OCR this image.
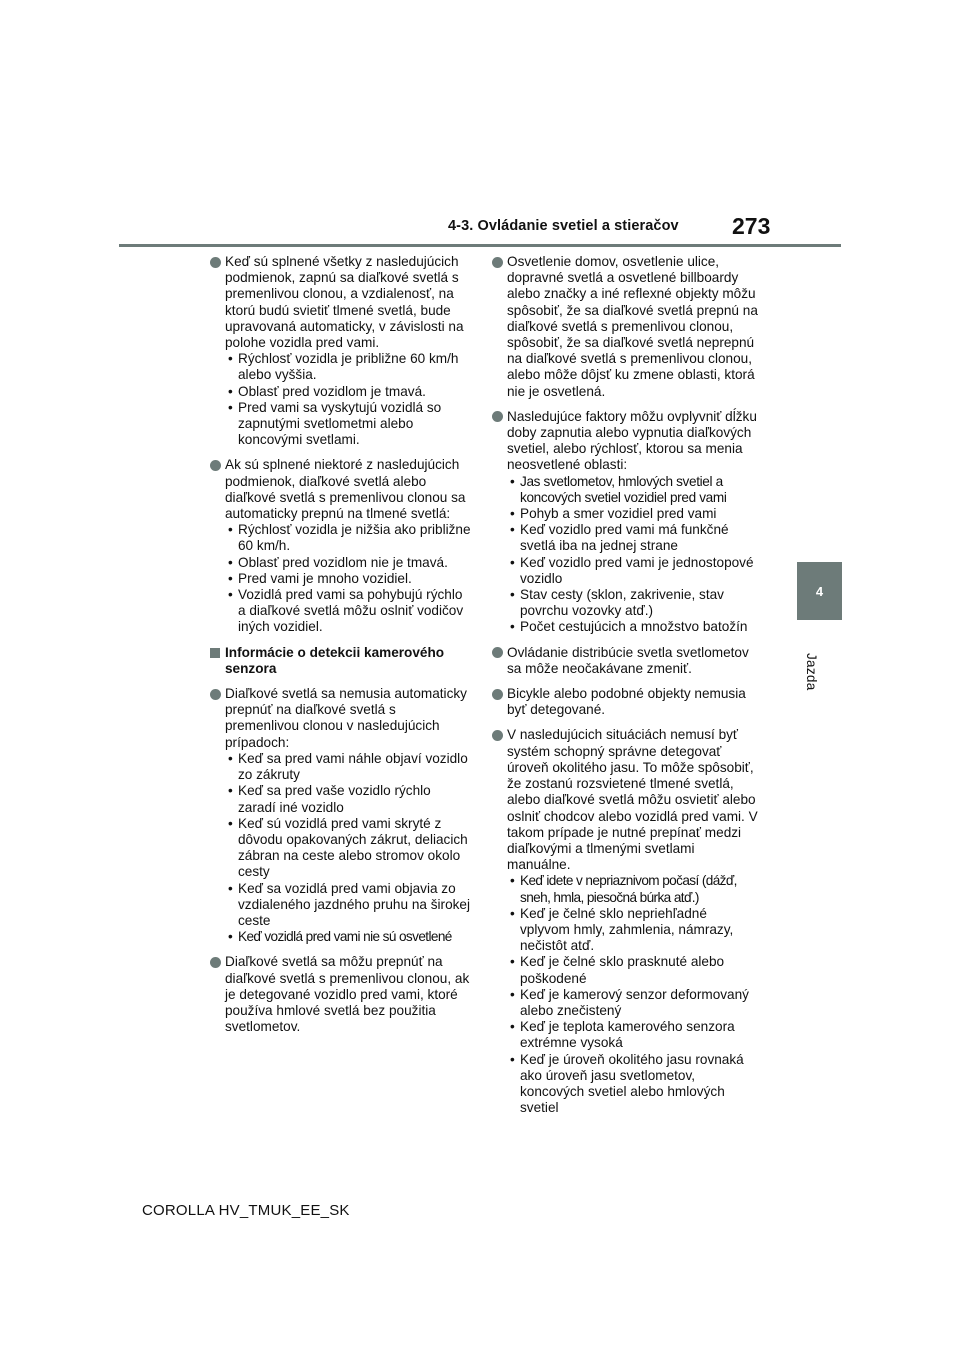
4-3. Ovládanie svetiel a stieračov 273
4
Jazda
Keď sú splnené všetky z nasledujúcich podmienok, zapnú sa diaľkové svetlá s premenlivou clonou, a vzdialenosť, na ktorú budú svietiť tlmené svetlá, bude upravovaná automaticky, v závislosti na polohe vozidla pred vami.
• Rýchlosť vozidla je približne 60 km/h alebo vyššia.
• Oblasť pred vozidlom je tmavá.
• Pred vami sa vyskytujú vozidlá so zapnutými svetlometmi alebo koncovými svetlami.
Ak sú splnené niektoré z nasledujúcich podmienok, diaľkové svetlá alebo diaľkové svetlá s premenlivou clonou sa automaticky prepnú na tlmené svetlá:
• Rýchlosť vozidla je nižšia ako približne 60 km/h.
• Oblasť pred vozidlom nie je tmavá.
• Pred vami je mnoho vozidiel.
• Vozidlá pred vami sa pohybujú rýchlo a diaľkové svetlá môžu oslniť vodičov iných vozidiel.
Informácie o detekcii kamerového senzora
Diaľkové svetlá sa nemusia automaticky prepnúť na diaľkové svetlá s premenlivou clonou v nasledujúcich prípadoch:
• Keď sa pred vami náhle objaví vozidlo zo zákruty
• Keď sa pred vaše vozidlo rýchlo zaradí iné vozidlo
• Keď sú vozidlá pred vami skryté z dôvodu opakovaných zákrut, deliacich zábran na ceste alebo stromov okolo cesty
• Keď sa vozidlá pred vami objavia zo vzdialeného jazdného pruhu na širokej ceste
• Keď vozidlá pred vami nie sú osvetlené
Diaľkové svetlá sa môžu prepnúť na diaľkové svetlá s premenlivou clonou, ak je detegované vozidlo pred vami, ktoré používa hmlové svetlá bez použitia svetlometov.
Osvetlenie domov, osvetlenie ulice, dopravné svetlá a osvetlené billboardy alebo značky a iné reflexné objekty môžu spôsobiť, že sa diaľkové svetlá prepnú na diaľkové svetlá s premenlivou clonou, spôsobiť, že sa diaľkové svetlá neprepnú na diaľkové svetlá s premenlivou clonou, alebo môže dôjsť ku zmene oblasti, ktorá nie je osvetlená.
Nasledujúce faktory môžu ovplyvniť dĺžku doby zapnutia alebo vypnutia diaľkových svetiel, alebo rýchlosť, ktorou sa menia neosvetlené oblasti:
• Jas svetlometov, hmlových svetiel a koncových svetiel vozidiel pred vami
• Pohyb a smer vozidiel pred vami
• Keď vozidlo pred vami má funkčné svetlá iba na jednej strane
• Keď vozidlo pred vami je jednostopové vozidlo
• Stav cesty (sklon, zakrivenie, stav povrchu vozovky atď.)
• Počet cestujúcich a množstvo batožín
Ovládanie distribúcie svetla svetlometov sa môže neočakávane zmeniť.
Bicykle alebo podobné objekty nemusia byť detegované.
V nasledujúcich situáciách nemusí byť systém schopný správne detegovať úroveň okolitého jasu. To môže spôsobiť, že zostanú rozsvietené tlmené svetlá, alebo diaľkové svetlá môžu osvietiť alebo oslniť chodcov alebo vozidlá pred vami. V takom prípade je nutné prepínať medzi diaľkovými a tlmenými svetlami manuálne.
• Keď idete v nepriaznivom počasí (dážď, sneh, hmla, piesočná búrka atď.)
• Keď je čelné sklo nepriehľadné vplyvom hmly, zahmlenia, námrazy, nečistôt atď.
• Keď je čelné sklo prasknuté alebo poškodené
• Keď je kamerový senzor deformovaný alebo znečistený
• Keď je teplota kamerového senzora extrémne vysoká
• Keď je úroveň okolitého jasu rovnaká ako úroveň jasu svetlometov, koncových svetiel alebo hmlových svetiel
COROLLA HV_TMUK_EE_SK
